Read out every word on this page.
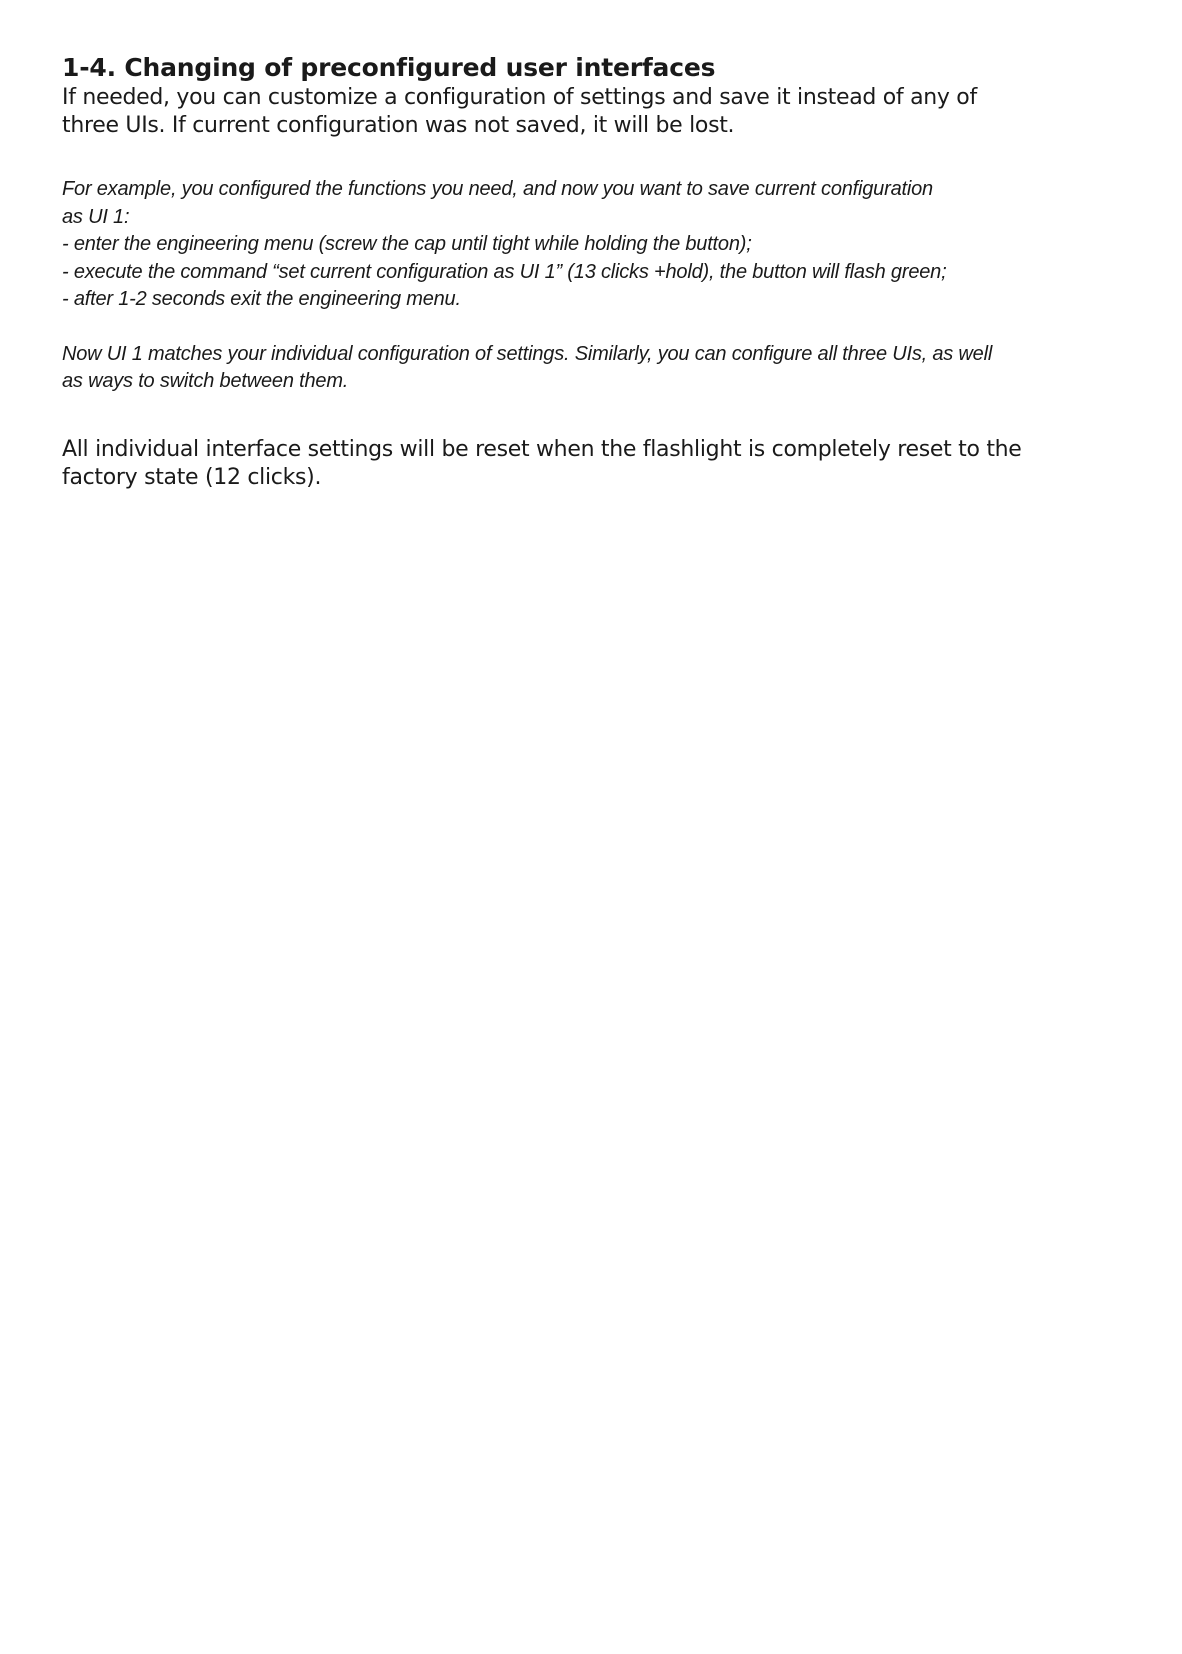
1-4. Changing of preconfigured user interfaces

If needed, you can customize a configuration of settings and save it instead of any of
three UIs. If current configuration was not saved, it will be lost.

For example, you configured the functions you need, and now you want to save current configuration
as UI 1:
- enter the engineering menu (screw the cap until tight while holding the button);
- execute the command “set current configuration as UI 1” (13 clicks +hold), the button will flash green;
- after 1-2 seconds exit the engineering menu.

Now UI 1 matches your individual configuration of settings. Similarly, you can configure all three UIs, as well
as ways to switch between them.

All individual interface settings will be reset when the flashlight is completely reset to the
factory state (12 clicks).
